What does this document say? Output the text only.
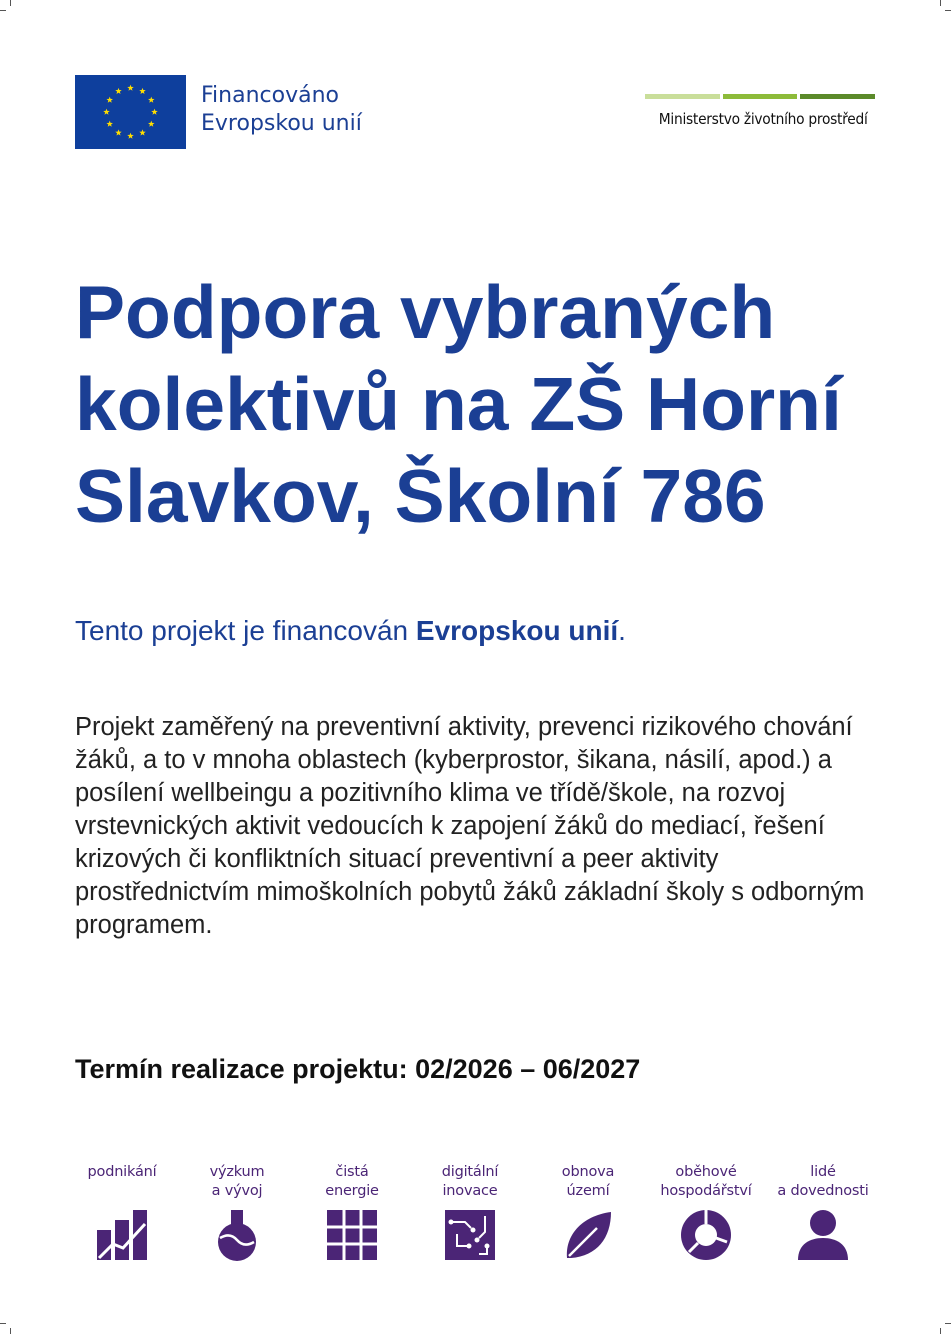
Financováno
Evropskou unií	Ministerstvo životního prostředí
Podpora vybraných kolektivů na ZŠ Horní Slavkov, Školní 786

Tento projekt je financován Evropskou unií.

Projekt zaměřený na preventivní aktivity, prevenci rizikového chování žáků, a to v mnoha oblastech (kyberprostor, šikana, násilí, apod.) a posílení wellbeingu a pozitivního klima ve třídě/škole, na rozvoj vrstevnických aktivit vedoucích k zapojení žáků do mediací, řešení krizových či konfliktních situací preventivní a peer aktivity prostřednictvím mimoškolních pobytů žáků základní školy s odborným programem.

Termín realizace projektu: 02/2026 – 06/2027

podnikání	výzkum
a vývoj
čistá
energie
digitální
inovace
obnova
území
oběhové
hospodářství
lidé
a dovednosti
